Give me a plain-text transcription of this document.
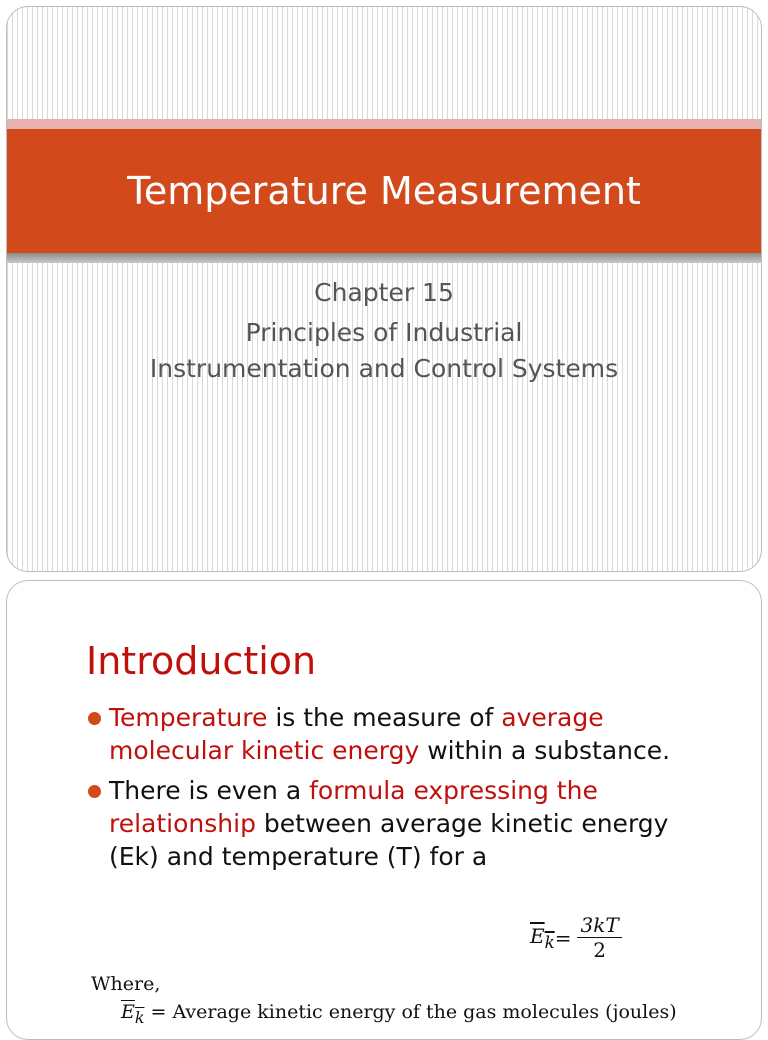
Temperature Measurement
Chapter 15
Principles of Industrial
Instrumentation and Control Systems
Introduction
Temperature is the measure of average molecular kinetic energy within a substance.
There is even a formula expressing the relationship between average kinetic energy (Ek) and temperature (T) for a
$E_k = \frac{3kT}{2}$
Where,
$E_k$ = Average kinetic energy of the gas molecules (joules)
